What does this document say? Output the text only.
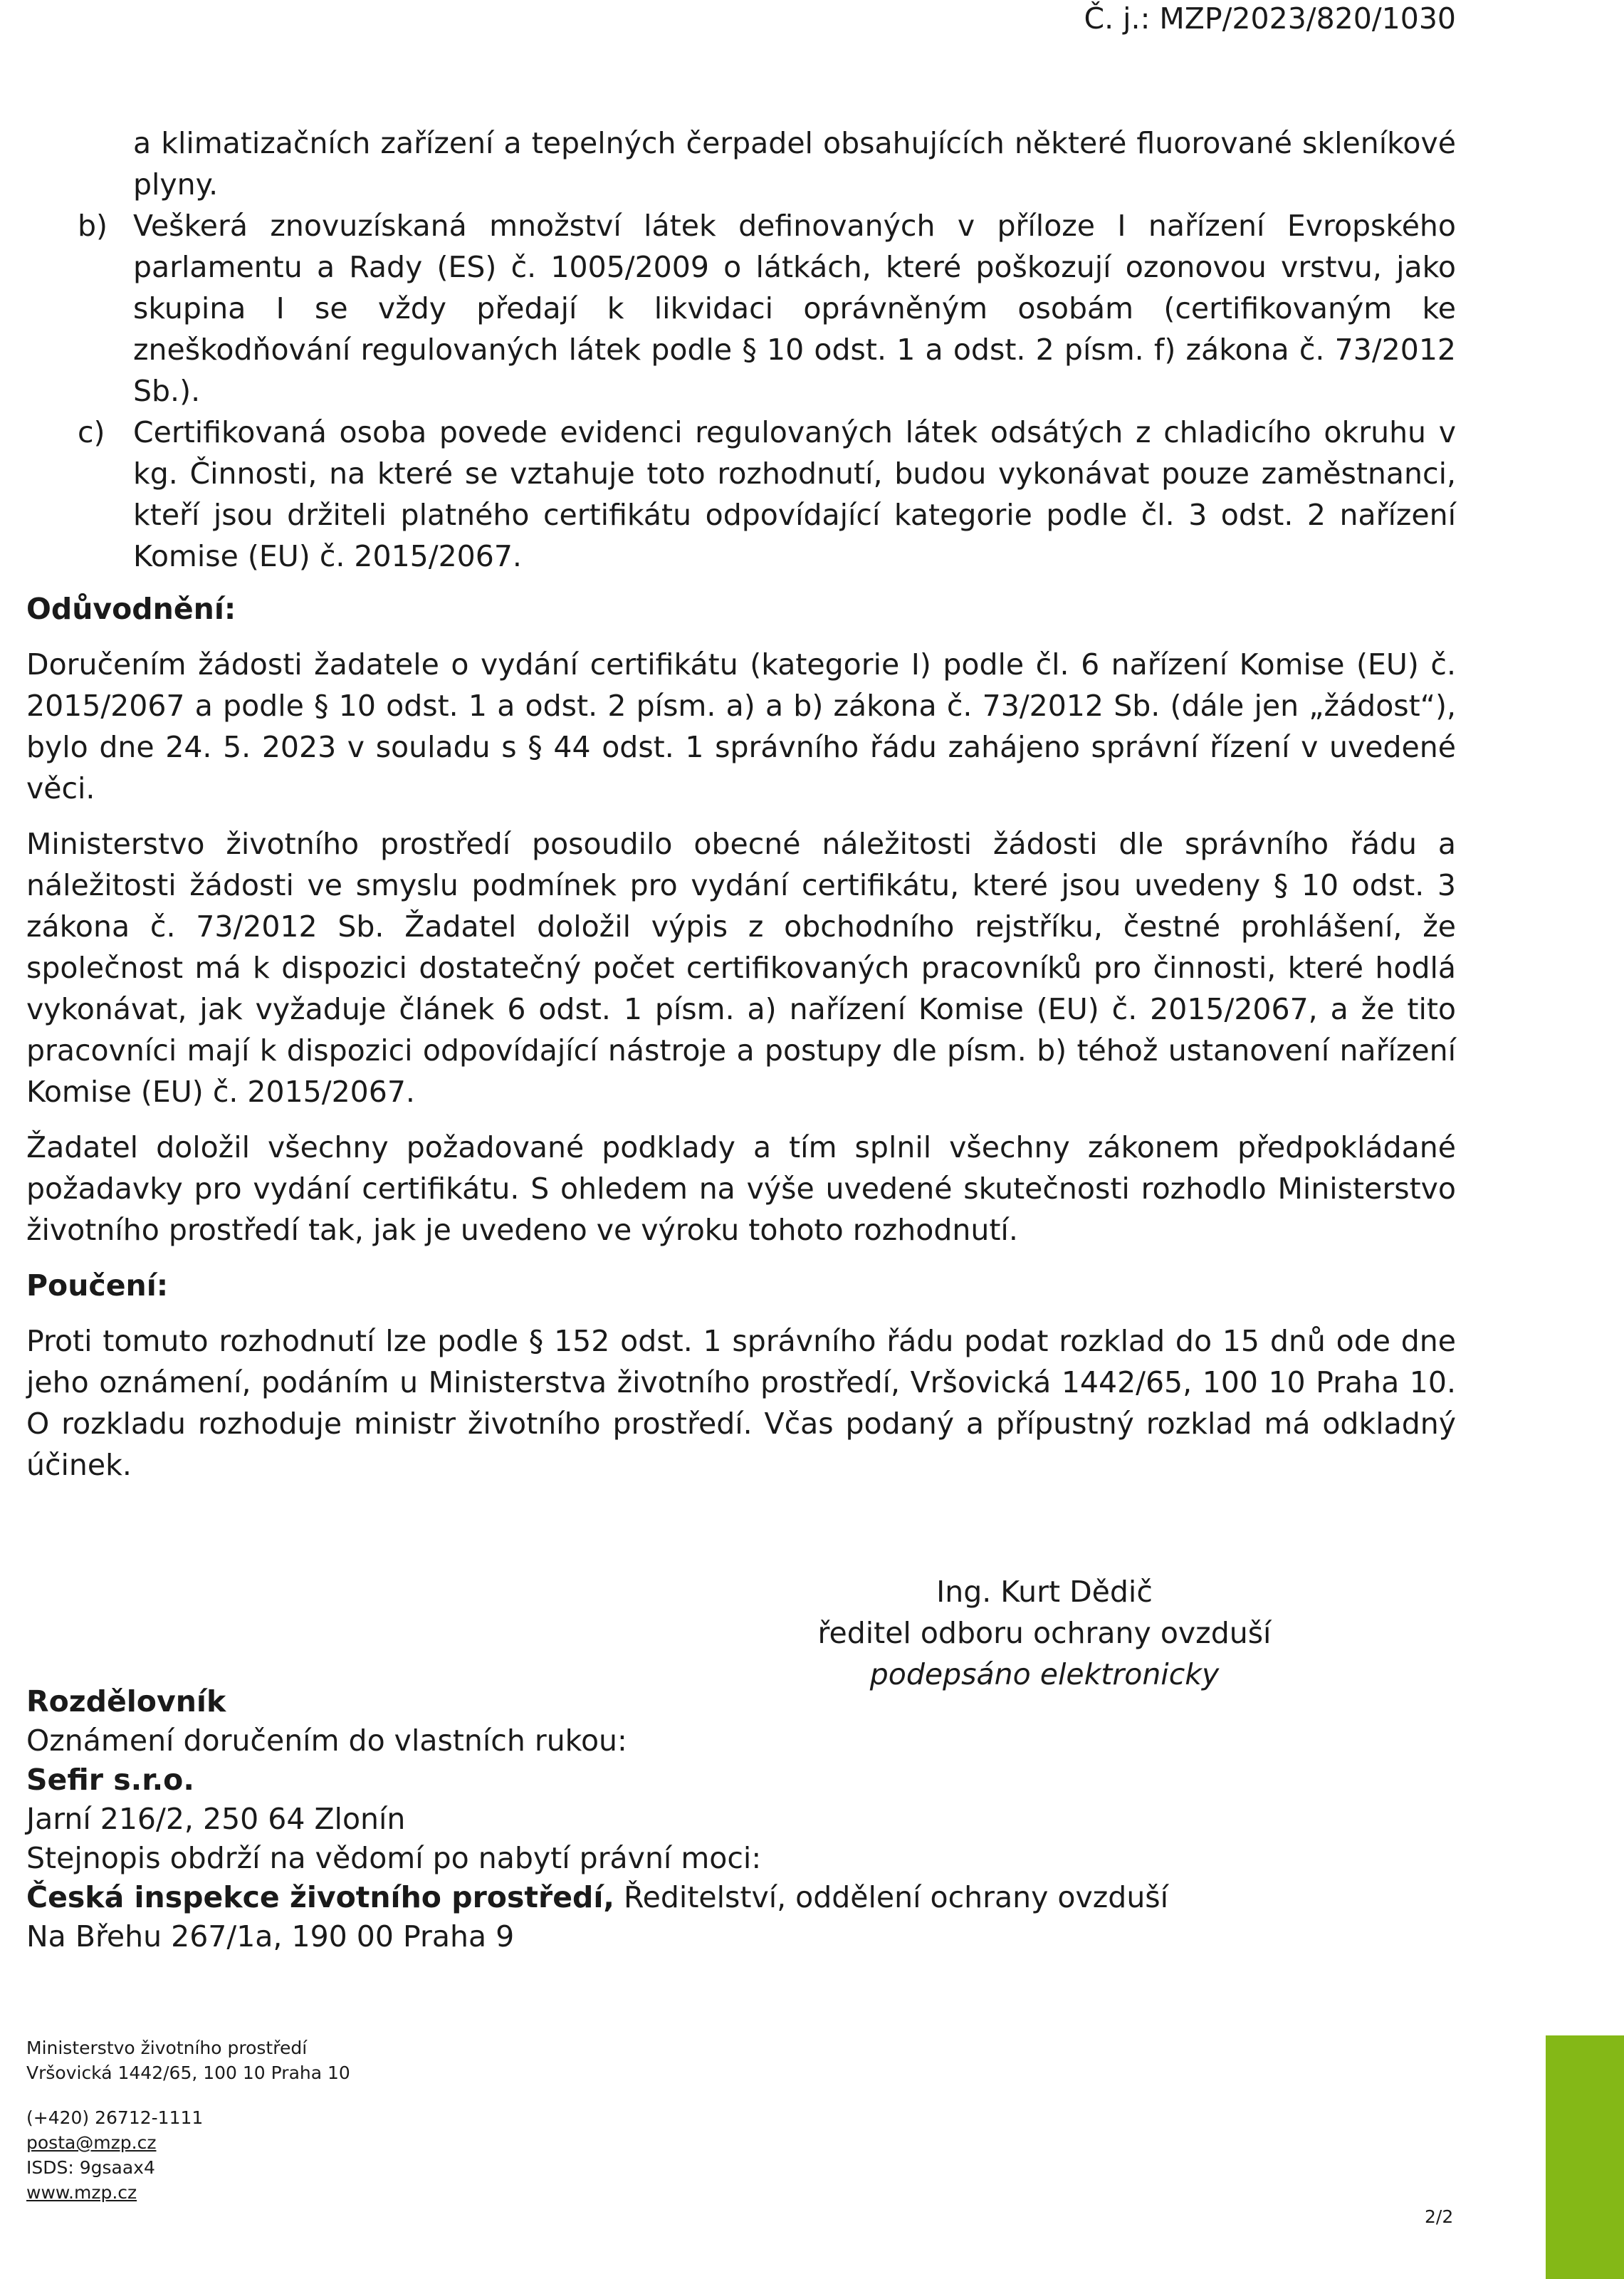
Č. j.: MZP/2023/820/1030

a klimatizačních zařízení a tepelných čerpadel obsahujících některé fluorované skleníkové plyny.

b) Veškerá znovuzískaná množství látek definovaných v příloze I nařízení Evropského parlamentu a Rady (ES) č. 1005/2009 o látkách, které poškozují ozonovou vrstvu, jako skupina I se vždy předají k likvidaci oprávněným osobám (certifikovaným ke zneškodňování regulovaných látek podle § 10 odst. 1 a odst. 2 písm. f) zákona č. 73/2012 Sb.).
c) Certifikovaná osoba povede evidenci regulovaných látek odsátých z chladicího okruhu v kg. Činnosti, na které se vztahuje toto rozhodnutí, budou vykonávat pouze zaměstnanci, kteří jsou držiteli platného certifikátu odpovídající kategorie podle čl. 3 odst. 2 nařízení Komise (EU) č. 2015/2067.
Odůvodnění:

Doručením žádosti žadatele o vydání certifikátu (kategorie I) podle čl. 6 nařízení Komise (EU) č. 2015/2067 a podle § 10 odst. 1 a odst. 2 písm. a) a b) zákona č. 73/2012 Sb. (dále jen „žádost“), bylo dne 24. 5. 2023 v souladu s § 44 odst. 1 správního řádu zahájeno správní řízení v uvedené věci.

Ministerstvo životního prostředí posoudilo obecné náležitosti žádosti dle správního řádu a náležitosti žádosti ve smyslu podmínek pro vydání certifikátu, které jsou uvedeny § 10 odst. 3 zákona č. 73/2012 Sb. Žadatel doložil výpis z obchodního rejstříku, čestné prohlášení, že společnost má k dispozici dostatečný počet certifikovaných pracovníků pro činnosti, které hodlá vykonávat, jak vyžaduje článek 6 odst. 1 písm. a) nařízení Komise (EU) č. 2015/2067, a že tito pracovníci mají k dispozici odpovídající nástroje a postupy dle písm. b) téhož ustanovení nařízení Komise (EU) č. 2015/2067.

Žadatel doložil všechny požadované podklady a tím splnil všechny zákonem předpokládané požadavky pro vydání certifikátu. S ohledem na výše uvedené skutečnosti rozhodlo Ministerstvo životního prostředí tak, jak je uvedeno ve výroku tohoto rozhodnutí.

Poučení:

Proti tomuto rozhodnutí lze podle § 152 odst. 1 správního řádu podat rozklad do 15 dnů ode dne jeho oznámení, podáním u Ministerstva životního prostředí, Vršovická 1442/65, 100 10 Praha 10. O rozkladu rozhoduje ministr životního prostředí. Včas podaný a přípustný rozklad má odkladný účinek.

Ing. Kurt Dědič
ředitel odboru ochrany ovzduší
podepsáno elektronicky
Rozdělovník
Oznámení doručením do vlastních rukou:
Sefir s.r.o.
Jarní 216/2, 250 64 Zlonín
Stejnopis obdrží na vědomí po nabytí právní moci:
Česká inspekce životního prostředí, Ředitelství, oddělení ochrany ovzduší
Na Břehu 267/1a, 190 00 Praha 9
Ministerstvo životního prostředí
Vršovická 1442/65, 100 10 Praha 10
(+420) 26712-1111
posta@mzp.cz
ISDS: 9gsaax4
www.mzp.cz
2/2
